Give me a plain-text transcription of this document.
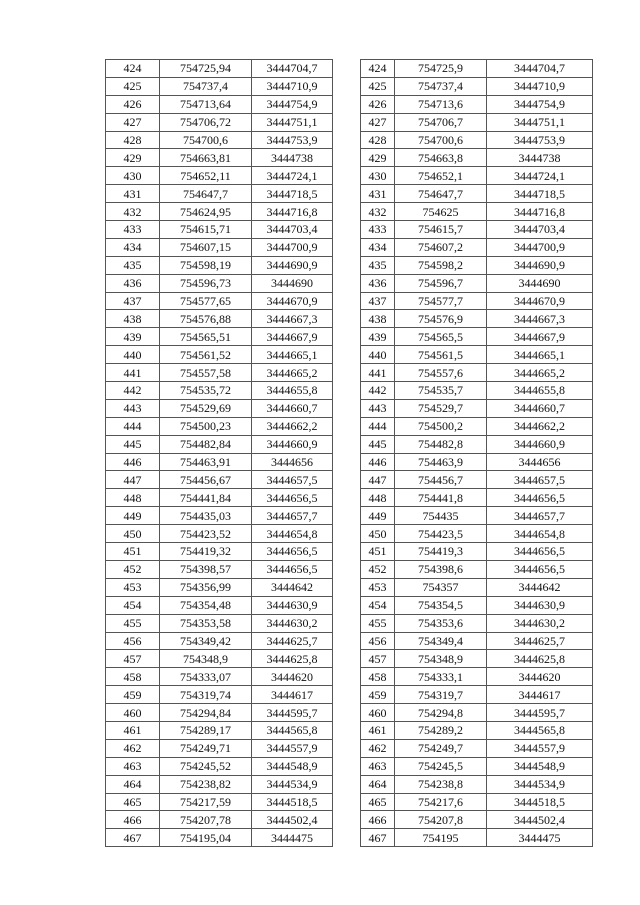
424	754725,94	3444704,7		424	754725,9	3444704,7
425	754737,4	3444710,9		425	754737,4	3444710,9
426	754713,64	3444754,9		426	754713,6	3444754,9
427	754706,72	3444751,1		427	754706,7	3444751,1
428	754700,6	3444753,9		428	754700,6	3444753,9
429	754663,81	3444738		429	754663,8	3444738
430	754652,11	3444724,1		430	754652,1	3444724,1
431	754647,7	3444718,5		431	754647,7	3444718,5
432	754624,95	3444716,8		432	754625	3444716,8
433	754615,71	3444703,4		433	754615,7	3444703,4
434	754607,15	3444700,9		434	754607,2	3444700,9
435	754598,19	3444690,9		435	754598,2	3444690,9
436	754596,73	3444690		436	754596,7	3444690
437	754577,65	3444670,9		437	754577,7	3444670,9
438	754576,88	3444667,3		438	754576,9	3444667,3
439	754565,51	3444667,9		439	754565,5	3444667,9
440	754561,52	3444665,1		440	754561,5	3444665,1
441	754557,58	3444665,2		441	754557,6	3444665,2
442	754535,72	3444655,8		442	754535,7	3444655,8
443	754529,69	3444660,7		443	754529,7	3444660,7
444	754500,23	3444662,2		444	754500,2	3444662,2
445	754482,84	3444660,9		445	754482,8	3444660,9
446	754463,91	3444656		446	754463,9	3444656
447	754456,67	3444657,5		447	754456,7	3444657,5
448	754441,84	3444656,5		448	754441,8	3444656,5
449	754435,03	3444657,7		449	754435	3444657,7
450	754423,52	3444654,8		450	754423,5	3444654,8
451	754419,32	3444656,5		451	754419,3	3444656,5
452	754398,57	3444656,5		452	754398,6	3444656,5
453	754356,99	3444642		453	754357	3444642
454	754354,48	3444630,9		454	754354,5	3444630,9
455	754353,58	3444630,2		455	754353,6	3444630,2
456	754349,42	3444625,7		456	754349,4	3444625,7
457	754348,9	3444625,8		457	754348,9	3444625,8
458	754333,07	3444620		458	754333,1	3444620
459	754319,74	3444617		459	754319,7	3444617
460	754294,84	3444595,7		460	754294,8	3444595,7
461	754289,17	3444565,8		461	754289,2	3444565,8
462	754249,71	3444557,9		462	754249,7	3444557,9
463	754245,52	3444548,9		463	754245,5	3444548,9
464	754238,82	3444534,9		464	754238,8	3444534,9
465	754217,59	3444518,5		465	754217,6	3444518,5
466	754207,78	3444502,4		466	754207,8	3444502,4
467	754195,04	3444475		467	754195	3444475
